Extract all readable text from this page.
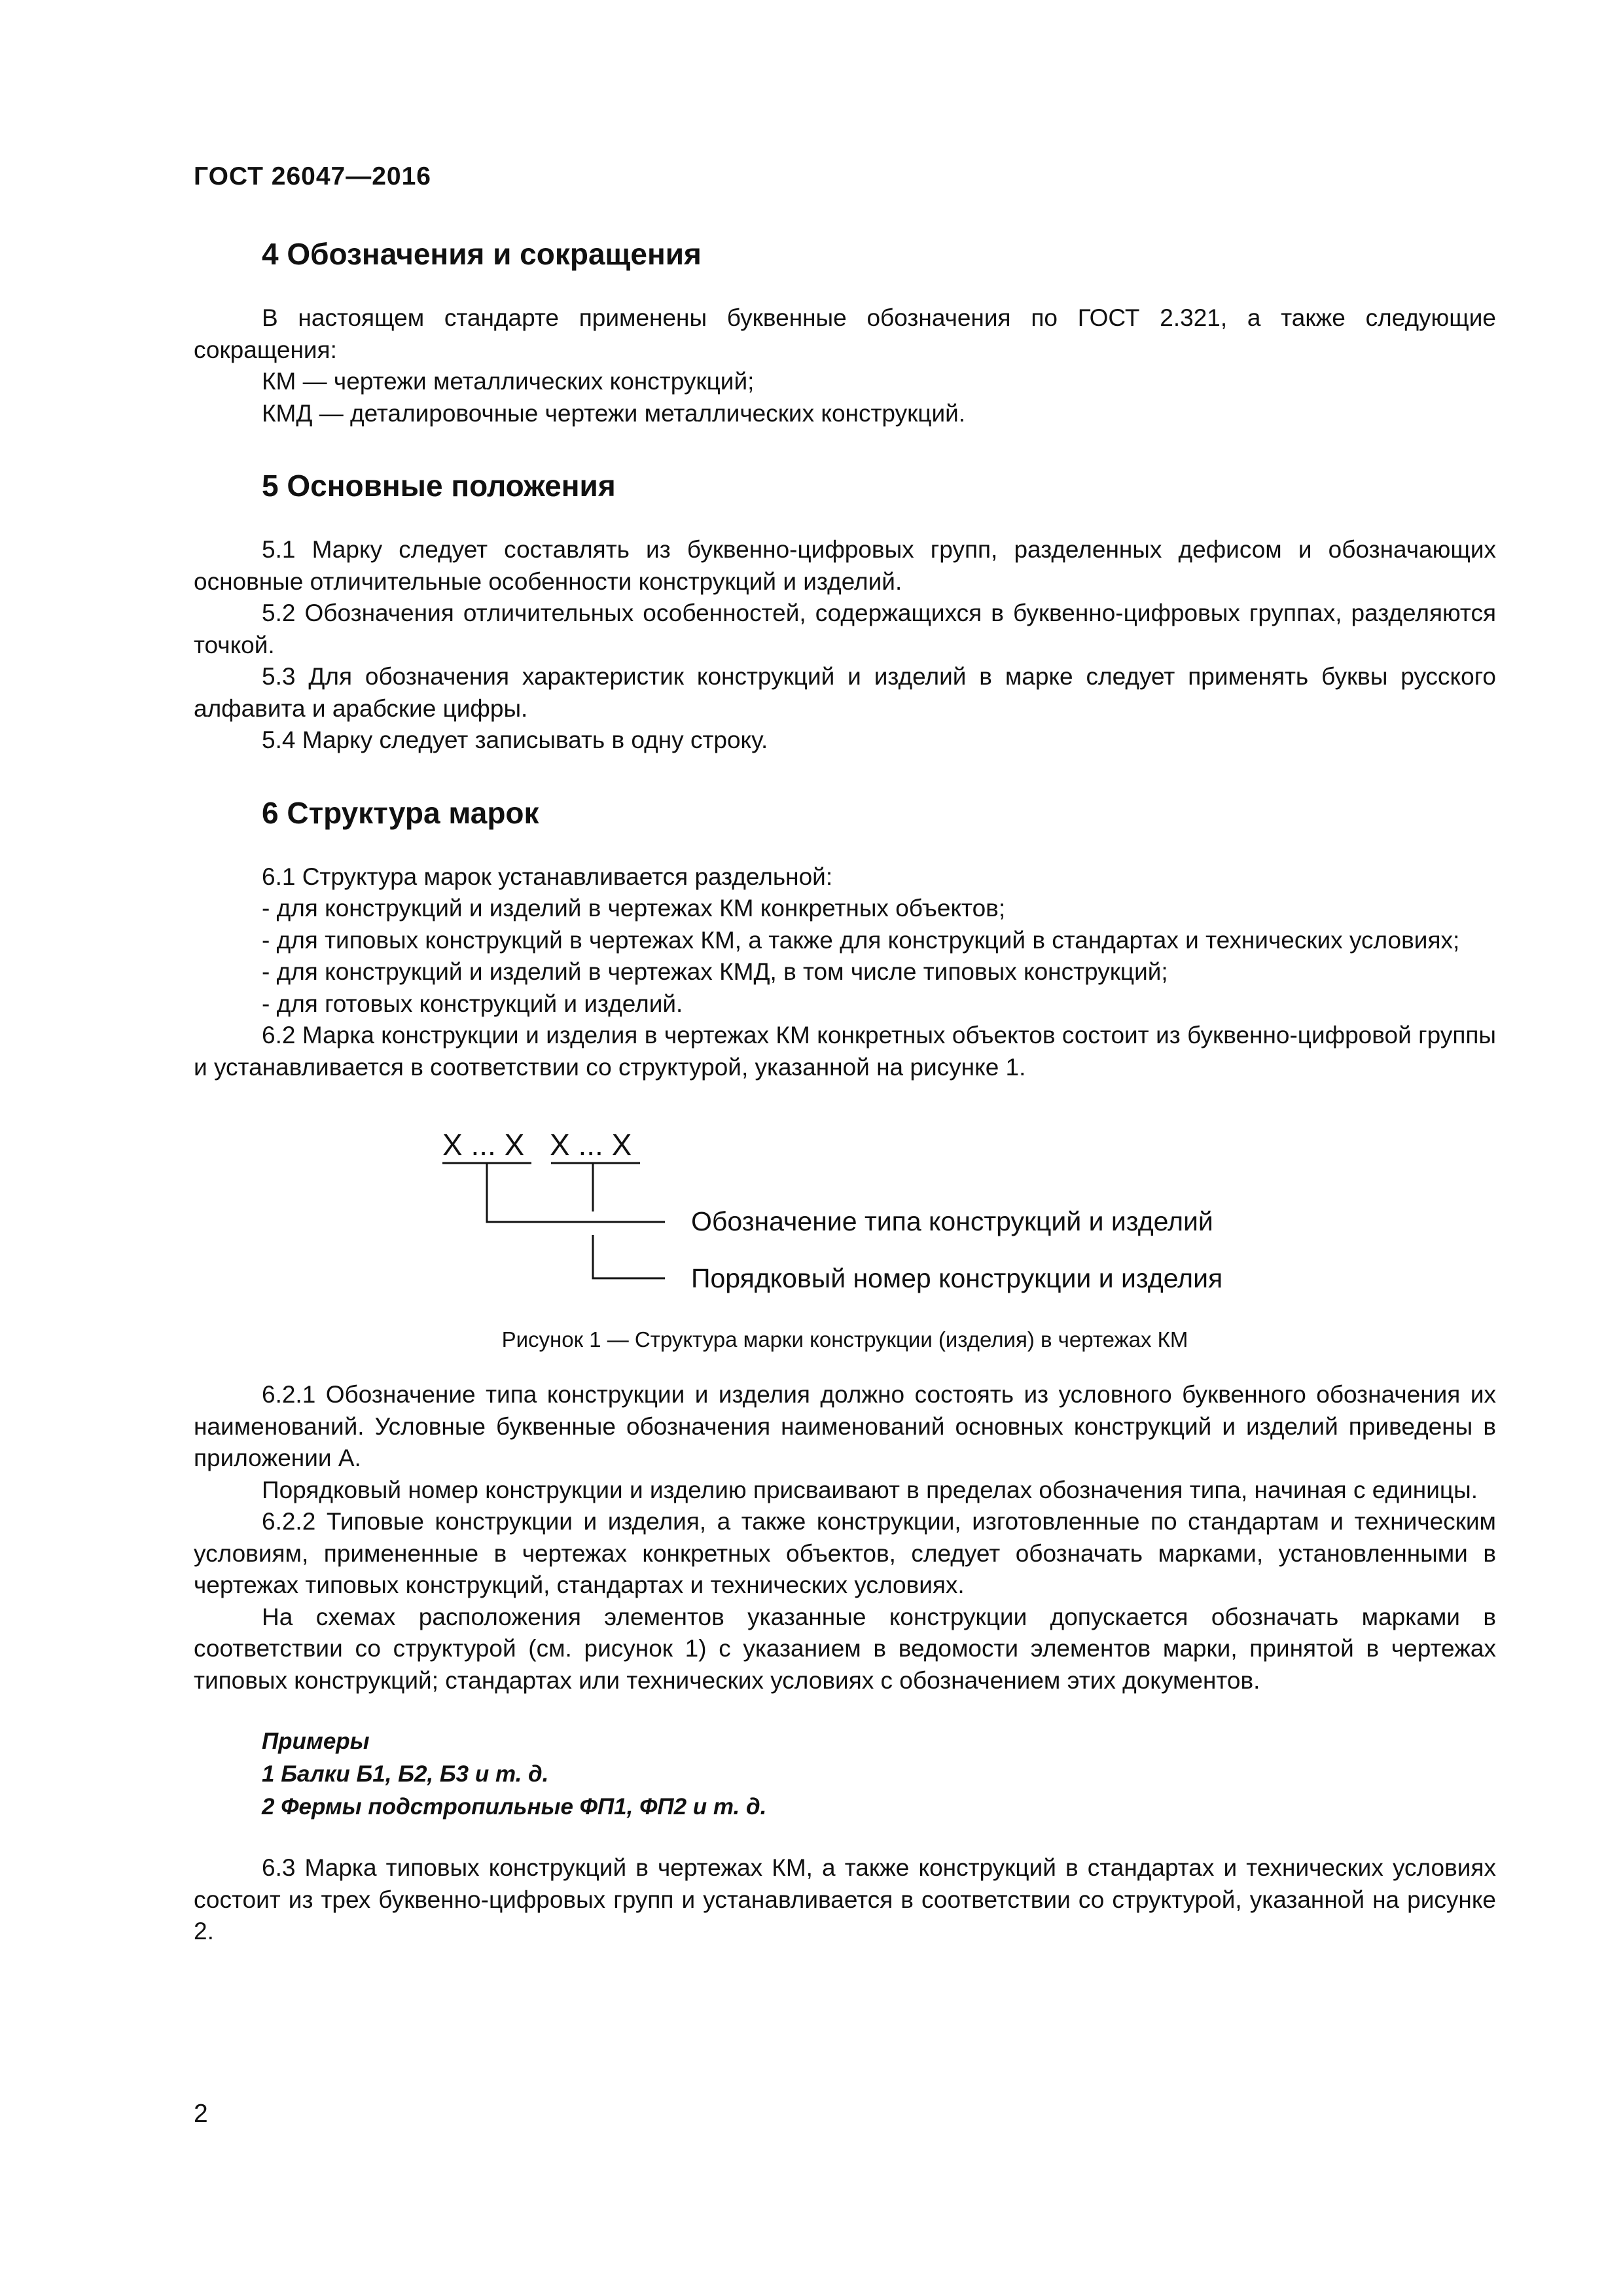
ГОСТ 26047—2016
4 Обозначения и сокращения

В настоящем стандарте применены буквенные обозначения по ГОСТ 2.321, а также следующие сокращения:

КМ — чертежи металлических конструкций;

КМД — деталировочные чертежи металлических конструкций.

5 Основные положения

5.1 Марку следует составлять из буквенно-цифровых групп, разделенных дефисом и обозначающих основные отличительные особенности конструкций и изделий.

5.2 Обозначения отличительных особенностей, содержащихся в буквенно-цифровых группах, разделяются точкой.

5.3 Для обозначения характеристик конструкций и изделий в марке следует применять буквы русского алфавита и арабские цифры.

5.4 Марку следует записывать в одну строку.

6 Структура марок

6.1 Структура марок устанавливается раздельной:

- для конструкций и изделий в чертежах КМ конкретных объектов;

- для типовых конструкций в чертежах КМ, а также для конструкций в стандартах и технических условиях;

- для конструкций и изделий в чертежах КМД, в том числе типовых конструкций;

- для готовых конструкций и изделий.

6.2 Марка конструкции и изделия в чертежах КМ конкретных объектов состоит из буквенно-цифровой группы и устанавливается в соответствии со структурой, указанной на рисунке 1.

X ... X X ... X
Обозначение типа конструкций и изделий
Порядковый номер конструкции и изделия
Рисунок 1 — Структура марки конструкции (изделия) в чертежах КМ

6.2.1 Обозначение типа конструкции и изделия должно состоять из условного буквенного обозначения их наименований. Условные буквенные обозначения наименований основных конструкций и изделий приведены в приложении А.

Порядковый номер конструкции и изделию присваивают в пределах обозначения типа, начиная с единицы.

6.2.2 Типовые конструкции и изделия, а также конструкции, изготовленные по стандартам и техническим условиям, примененные в чертежах конкретных объектов, следует обозначать марками, установленными в чертежах типовых конструкций, стандартах и технических условиях.

На схемах расположения элементов указанные конструкции допускается обозначать марками в соответствии со структурой (см. рисунок 1) с указанием в ведомости элементов марки, принятой в чертежах типовых конструкций; стандартах или технических условиях с обозначением этих документов.

Примеры
1 Балки Б1, Б2, Б3 и т. д.
2 Фермы подстропильные ФП1, ФП2 и т. д.

6.3 Марка типовых конструкций в чертежах КМ, а также конструкций в стандартах и технических условиях состоит из трех буквенно-цифровых групп и устанавливается в соответствии со структурой, указанной на рисунке 2.

2
